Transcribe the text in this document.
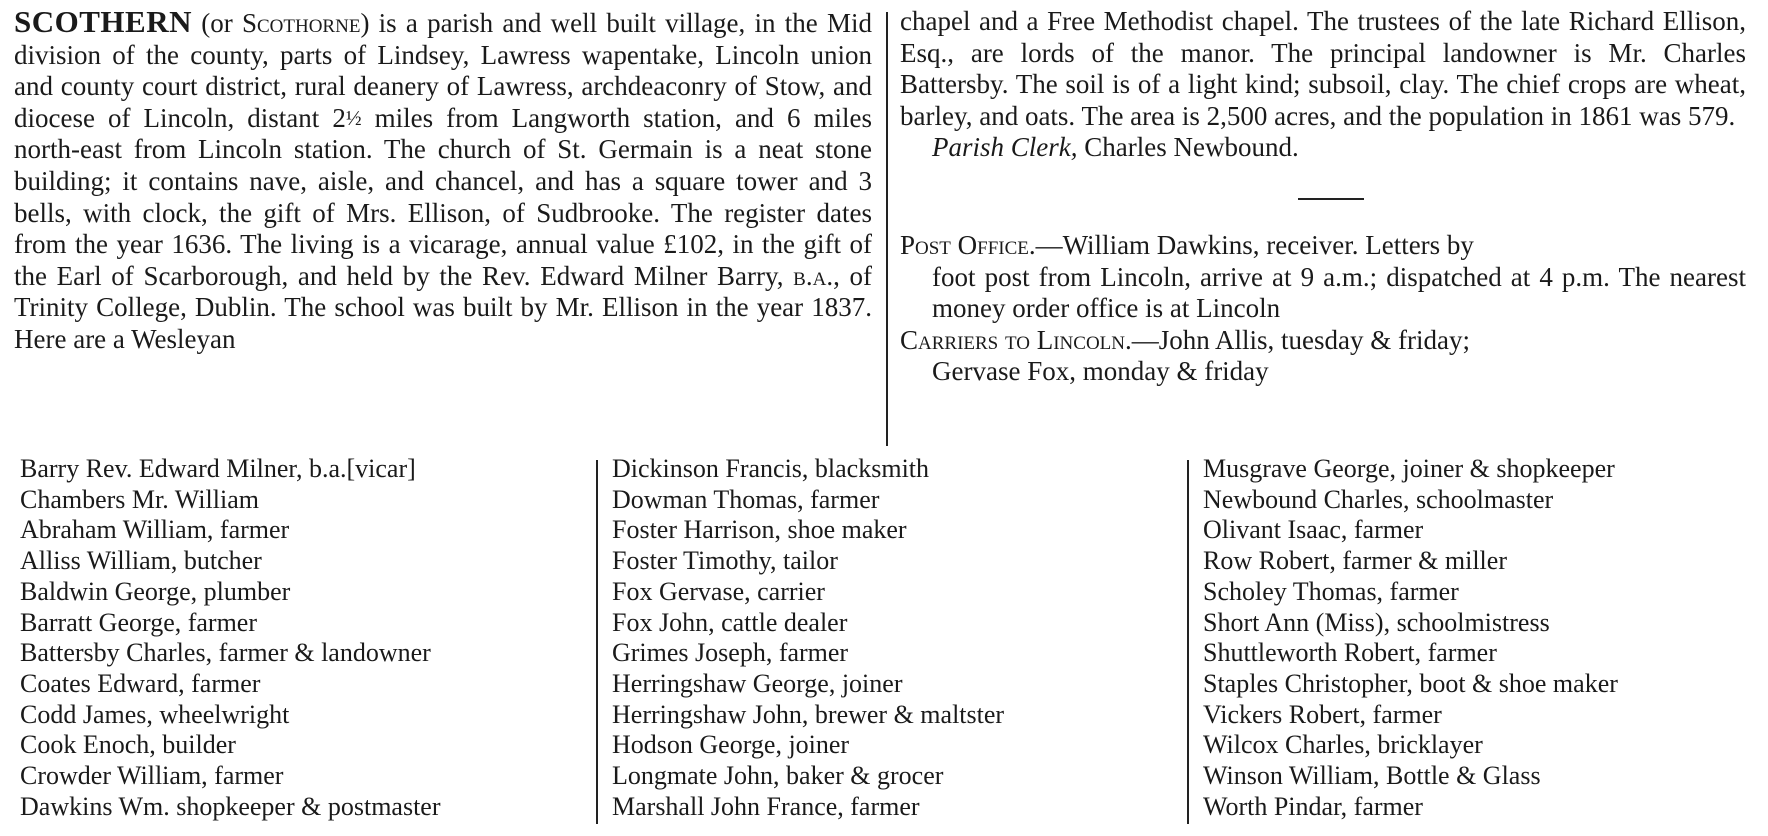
SCOTHERN (or Scothorne) is a parish and well built village, in the Mid division of the county, parts of Lindsey, Lawress wapentake, Lincoln union and county court district, rural deanery of Lawress, archdeaconry of Stow, and diocese of Lincoln, distant 2½ miles from Langworth station, and 6 miles north-east from Lincoln station. The church of St. Germain is a neat stone building; it contains nave, aisle, and chancel, and has a square tower and 3 bells, with clock, the gift of Mrs. Ellison, of Sudbrooke. The register dates from the year 1636. The living is a vicarage, annual value £102, in the gift of the Earl of Scarborough, and held by the Rev. Edward Milner Barry, b.a., of Trinity College, Dublin. The school was built by Mr. Ellison in the year 1837. Here are a Wesleyan

chapel and a Free Methodist chapel. The trustees of the late Richard Ellison, Esq., are lords of the manor. The principal landowner is Mr. Charles Battersby. The soil is of a light kind; subsoil, clay. The chief crops are wheat, barley, and oats. The area is 2,500 acres, and the population in 1861 was 579.

Parish Clerk, Charles Newbound.

Post Office.—William Dawkins, receiver. Letters by
foot post from Lincoln, arrive at 9 a.m.; dispatched at 4 p.m. The nearest money order office is at Lincoln

Carriers to Lincoln.—John Allis, tuesday & friday;
Gervase Fox, monday & friday

Barry Rev. Edward Milner, b.a.[vicar]
Chambers Mr. William
Abraham William, farmer
Alliss William, butcher
Baldwin George, plumber
Barratt George, farmer
Battersby Charles, farmer & landowner
Coates Edward, farmer
Codd James, wheelwright
Cook Enoch, builder
Crowder William, farmer
Dawkins Wm. shopkeeper & postmaster
Dickinson Francis, blacksmith
Dowman Thomas, farmer
Foster Harrison, shoe maker
Foster Timothy, tailor
Fox Gervase, carrier
Fox John, cattle dealer
Grimes Joseph, farmer
Herringshaw George, joiner
Herringshaw John, brewer & maltster
Hodson George, joiner
Longmate John, baker & grocer
Marshall John France, farmer
Musgrave George, joiner & shopkeeper
Newbound Charles, schoolmaster
Olivant Isaac, farmer
Row Robert, farmer & miller
Scholey Thomas, farmer
Short Ann (Miss), schoolmistress
Shuttleworth Robert, farmer
Staples Christopher, boot & shoe maker
Vickers Robert, farmer
Wilcox Charles, bricklayer
Winson William, Bottle & Glass
Worth Pindar, farmer
